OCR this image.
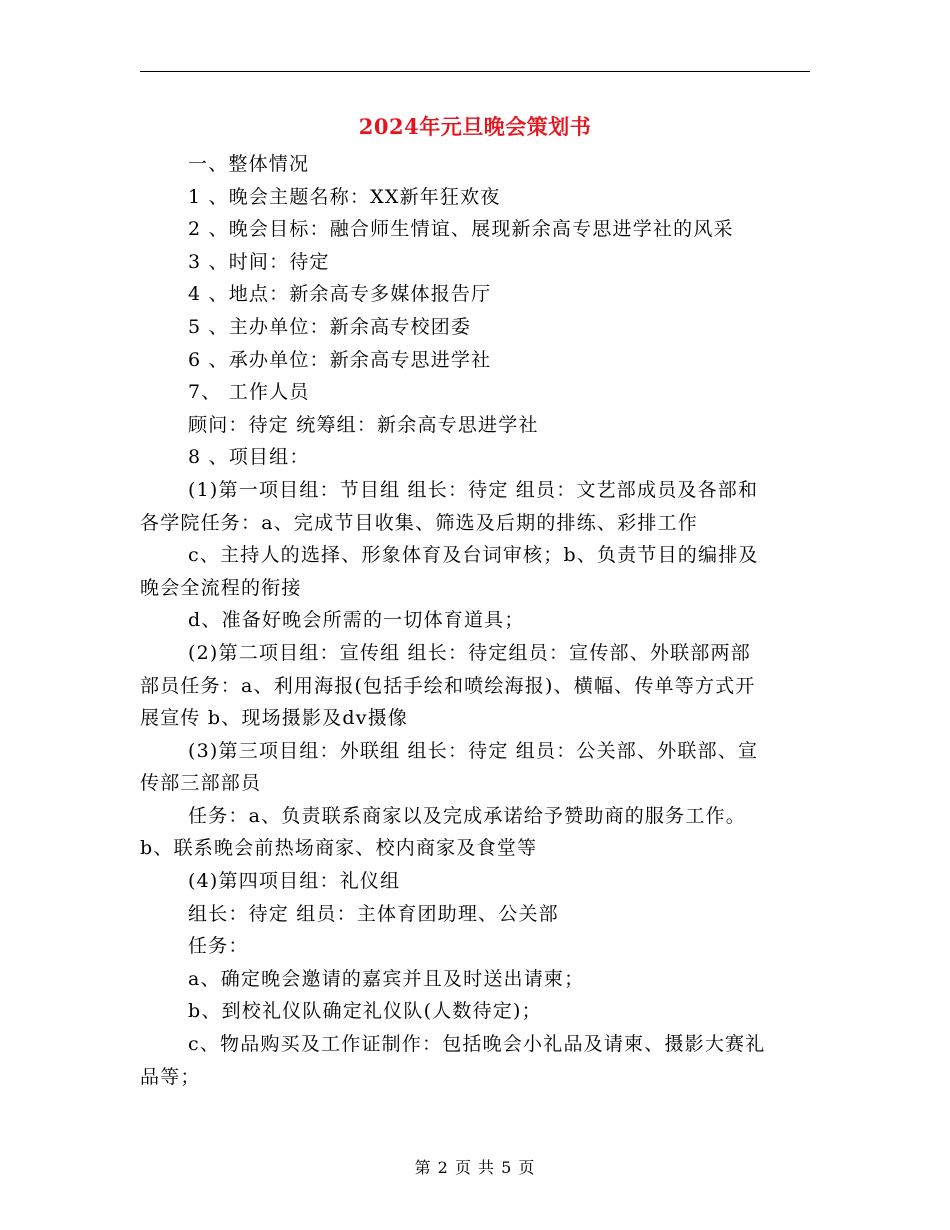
2024年元旦晚会策划书

一、整体情况

1 、晚会主题名称：XX新年狂欢夜

2 、晚会目标：融合师生情谊、展现新余高专思进学社的风采

3 、时间：待定

4 、地点：新余高专多媒体报告厅

5 、主办单位：新余高专校团委

6 、承办单位：新余高专思进学社

7、 工作人员

顾问：待定 统筹组：新余高专思进学社

8 、项目组：

(1)第一项目组：节目组 组长：待定 组员：文艺部成员及各部和

各学院任务：a、完成节目收集、筛选及后期的排练、彩排工作

c、主持人的选择、形象体育及台词审核；b、负责节目的编排及

晚会全流程的衔接

d、准备好晚会所需的一切体育道具；

(2)第二项目组：宣传组 组长：待定组员：宣传部、外联部两部

部员任务：a、利用海报(包括手绘和喷绘海报)、横幅、传单等方式开

展宣传 b、现场摄影及dv摄像

(3)第三项目组：外联组 组长：待定 组员：公关部、外联部、宣

传部三部部员

任务：a、负责联系商家以及完成承诺给予赞助商的服务工作。

b、联系晚会前热场商家、校内商家及食堂等

(4)第四项目组：礼仪组

组长：待定 组员：主体育团助理、公关部

任务：

a、确定晚会邀请的嘉宾并且及时送出请柬；

b、到校礼仪队确定礼仪队(人数待定)；

c、物品购买及工作证制作：包括晚会小礼品及请柬、摄影大赛礼

品等；

第 2 页 共 5 页
